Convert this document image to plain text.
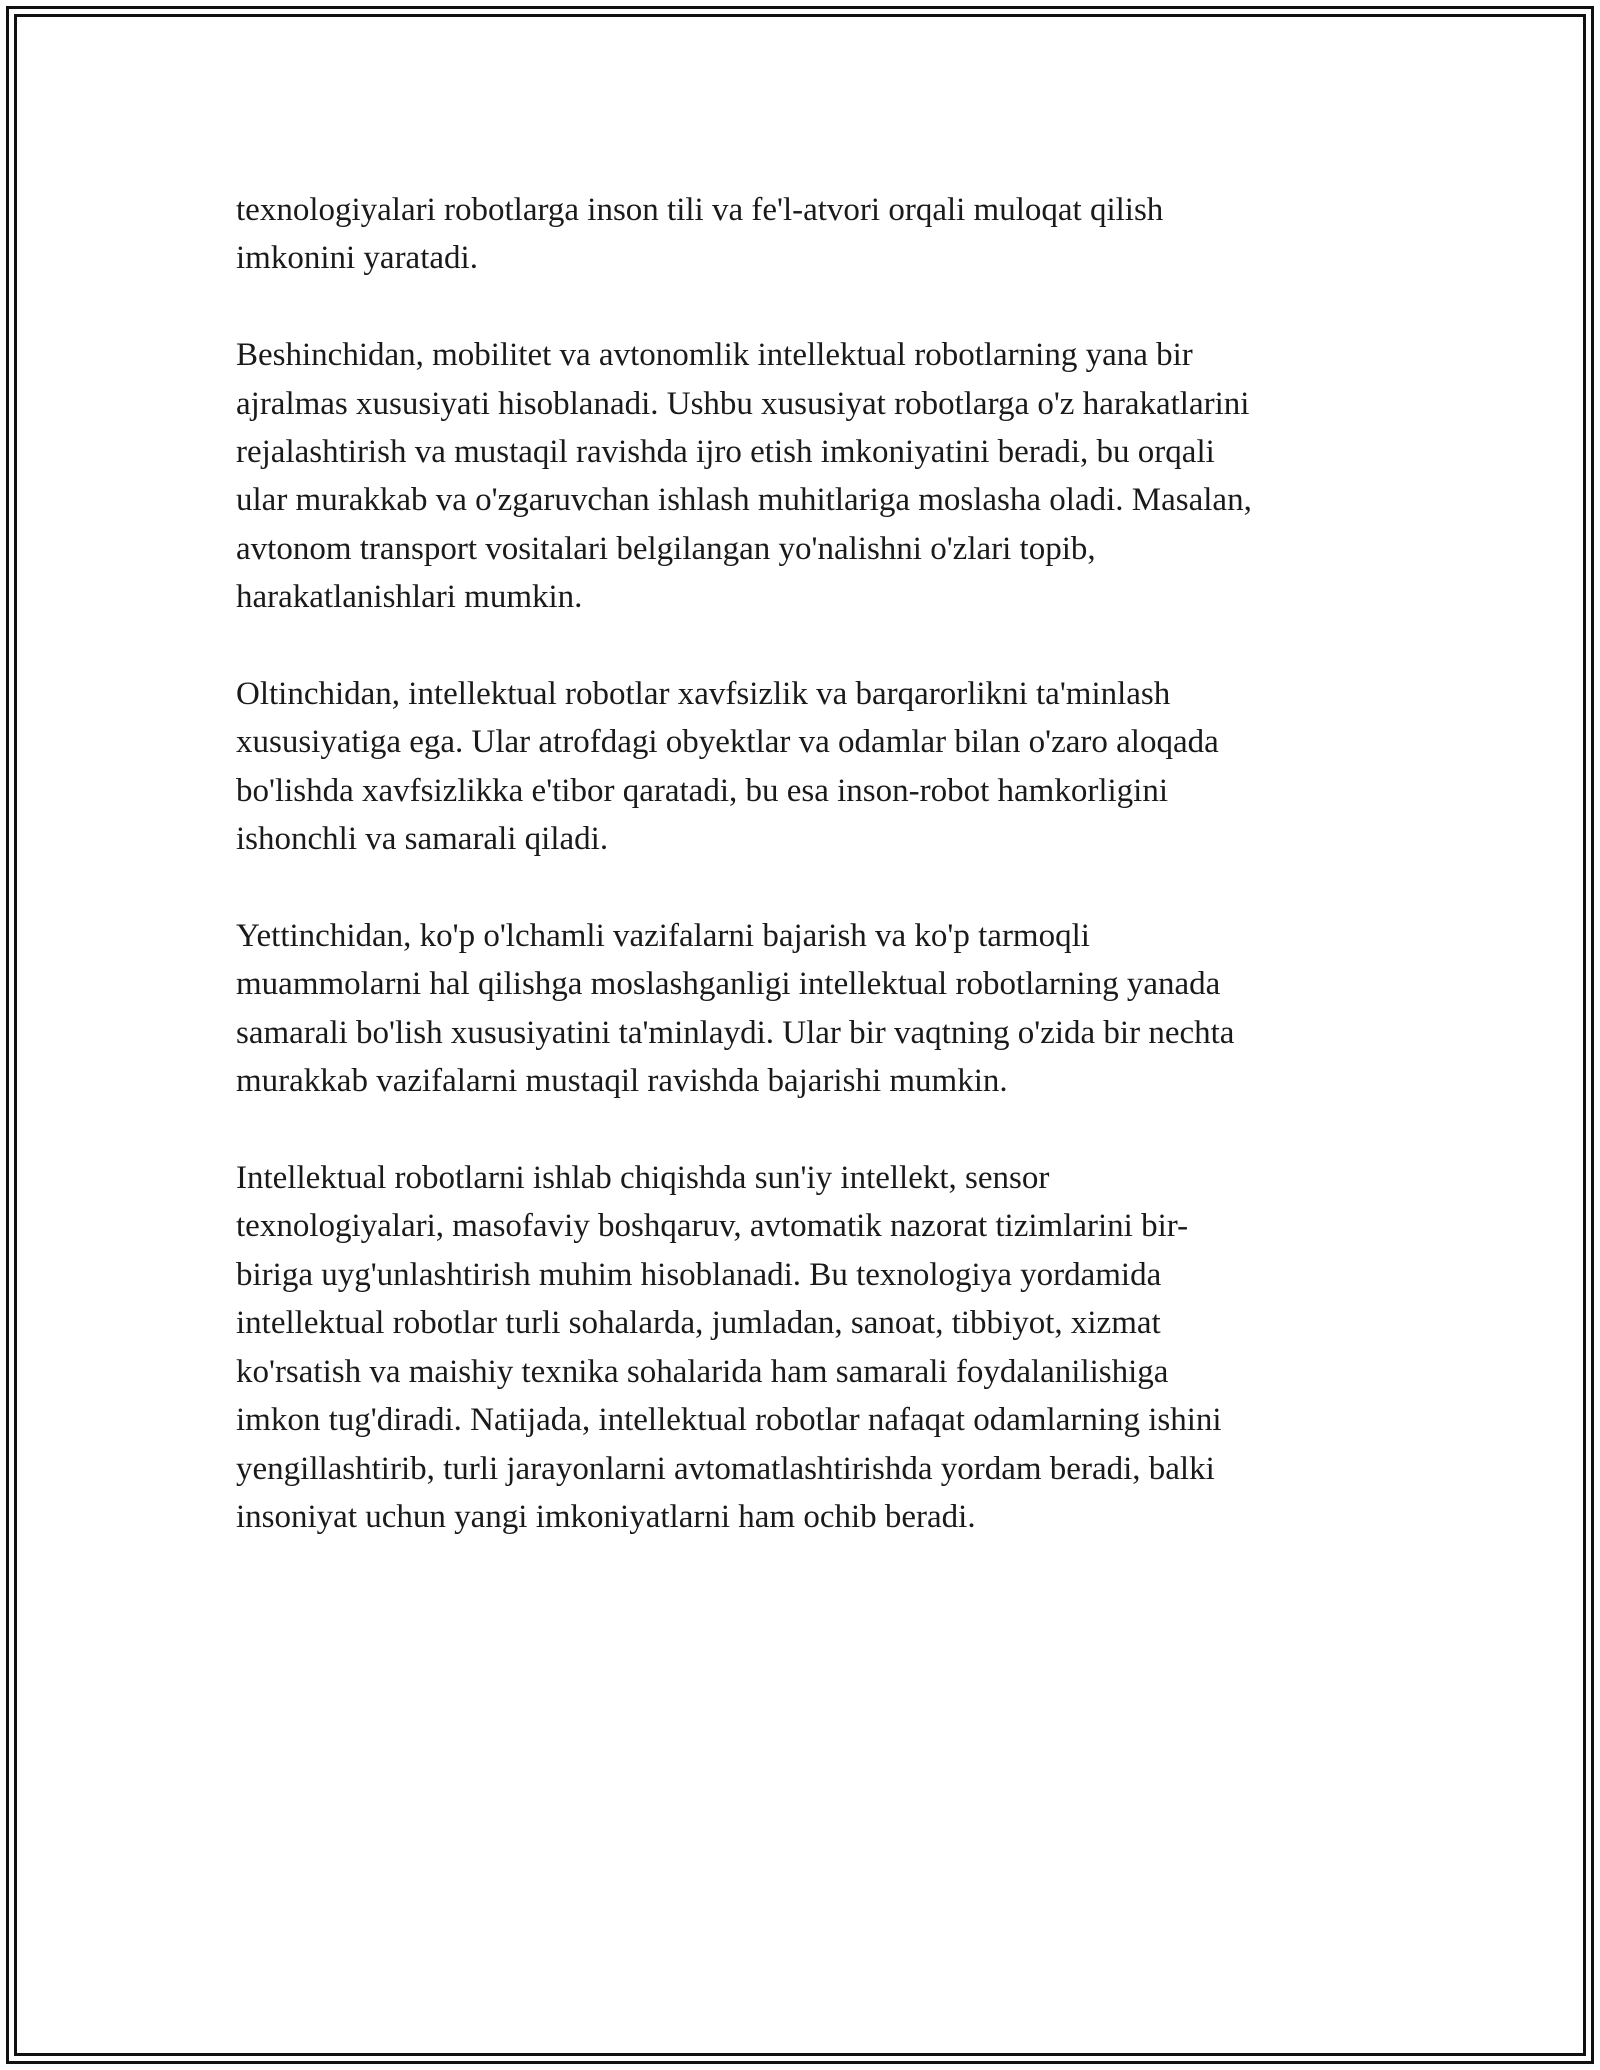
texnologiyalari robotlarga inson tili va fe'l-atvori orqali muloqat qilish
imkonini yaratadi.

Beshinchidan, mobilitet va avtonomlik intellektual robotlarning yana bir
ajralmas xususiyati hisoblanadi. Ushbu xususiyat robotlarga o'z harakatlarini
rejalashtirish va mustaqil ravishda ijro etish imkoniyatini beradi, bu orqali
ular murakkab va o'zgaruvchan ishlash muhitlariga moslasha oladi. Masalan,
avtonom transport vositalari belgilangan yo'nalishni o'zlari topib,
harakatlanishlari mumkin.

Oltinchidan, intellektual robotlar xavfsizlik va barqarorlikni ta'minlash
xususiyatiga ega. Ular atrofdagi obyektlar va odamlar bilan o'zaro aloqada
bo'lishda xavfsizlikka e'tibor qaratadi, bu esa inson-robot hamkorligini
ishonchli va samarali qiladi.

Yettinchidan, ko'p o'lchamli vazifalarni bajarish va ko'p tarmoqli
muammolarni hal qilishga moslashganligi intellektual robotlarning yanada
samarali bo'lish xususiyatini ta'minlaydi. Ular bir vaqtning o'zida bir nechta
murakkab vazifalarni mustaqil ravishda bajarishi mumkin.

Intellektual robotlarni ishlab chiqishda sun'iy intellekt, sensor
texnologiyalari, masofaviy boshqaruv, avtomatik nazorat tizimlarini bir-
biriga uyg'unlashtirish muhim hisoblanadi. Bu texnologiya yordamida
intellektual robotlar turli sohalarda, jumladan, sanoat, tibbiyot, xizmat
ko'rsatish va maishiy texnika sohalarida ham samarali foydalanilishiga
imkon tug'diradi. Natijada, intellektual robotlar nafaqat odamlarning ishini
yengillashtirib, turli jarayonlarni avtomatlashtirishda yordam beradi, balki
insoniyat uchun yangi imkoniyatlarni ham ochib beradi.
